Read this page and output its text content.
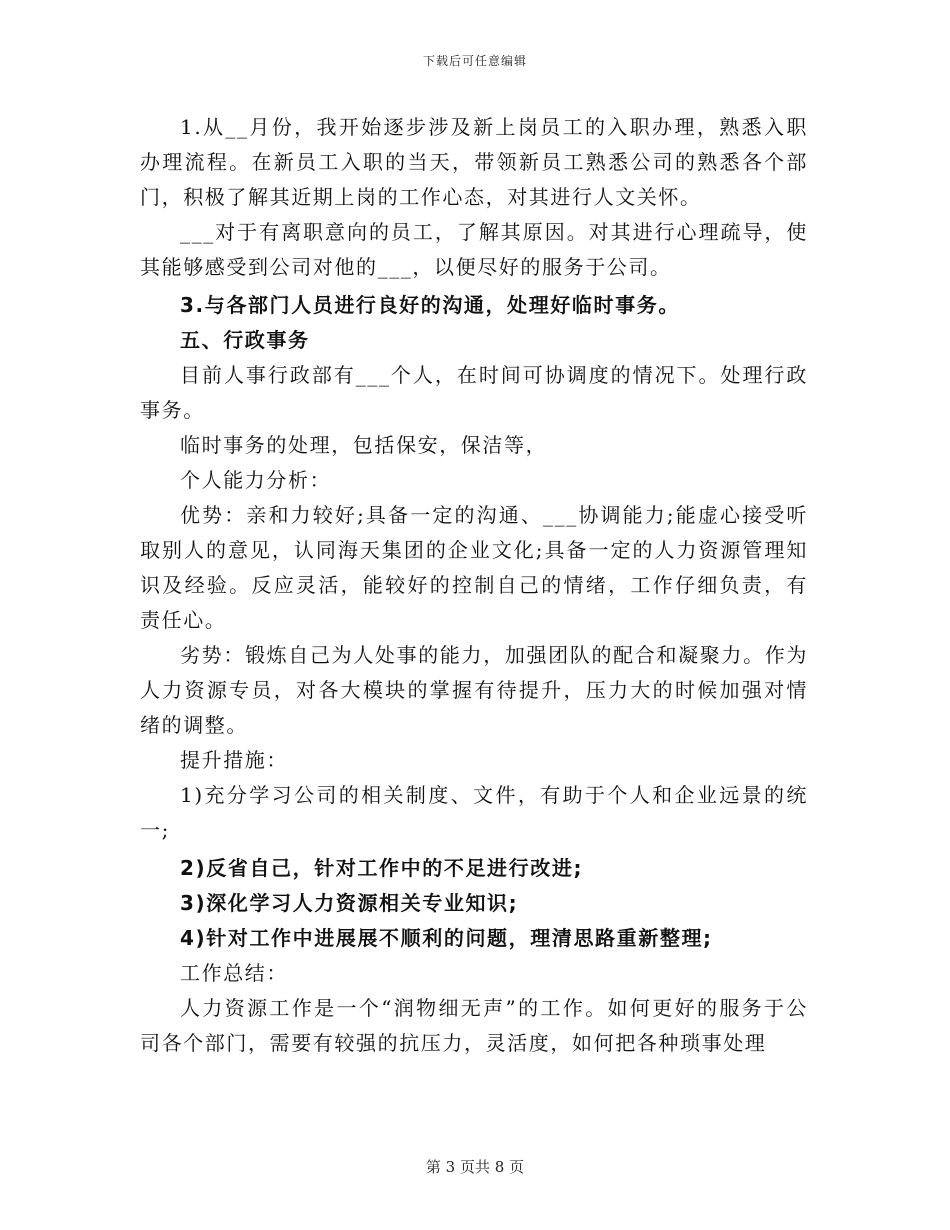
下载后可任意编辑

1.从__月份，我开始逐步涉及新上岗员工的入职办理，熟悉入职办理流程。在新员工入职的当天，带领新员工熟悉公司的熟悉各个部门，积极了解其近期上岗的工作心态，对其进行人文关怀。

___对于有离职意向的员工，了解其原因。对其进行心理疏导，使其能够感受到公司对他的___，以便尽好的服务于公司。

3.与各部门人员进行良好的沟通，处理好临时事务。

五、行政事务

目前人事行政部有___个人，在时间可协调度的情况下。处理行政事务。

临时事务的处理，包括保安，保洁等，

个人能力分析：

优势：亲和力较好;具备一定的沟通、___协调能力;能虚心接受听取别人的意见，认同海天集团的企业文化;具备一定的人力资源管理知识及经验。反应灵活，能较好的控制自己的情绪，工作仔细负责，有责任心。

劣势：锻炼自己为人处事的能力，加强团队的配合和凝聚力。作为人力资源专员，对各大模块的掌握有待提升，压力大的时候加强对情绪的调整。

提升措施：

1)充分学习公司的相关制度、文件，有助于个人和企业远景的统一;

2)反省自己，针对工作中的不足进行改进;

3)深化学习人力资源相关专业知识;

4)针对工作中进展展不顺利的问题，理清思路重新整理;

工作总结：

人力资源工作是一个“润物细无声”的工作。如何更好的服务于公司各个部门，需要有较强的抗压力，灵活度，如何把各种琐事处理

第 3 页共 8 页
